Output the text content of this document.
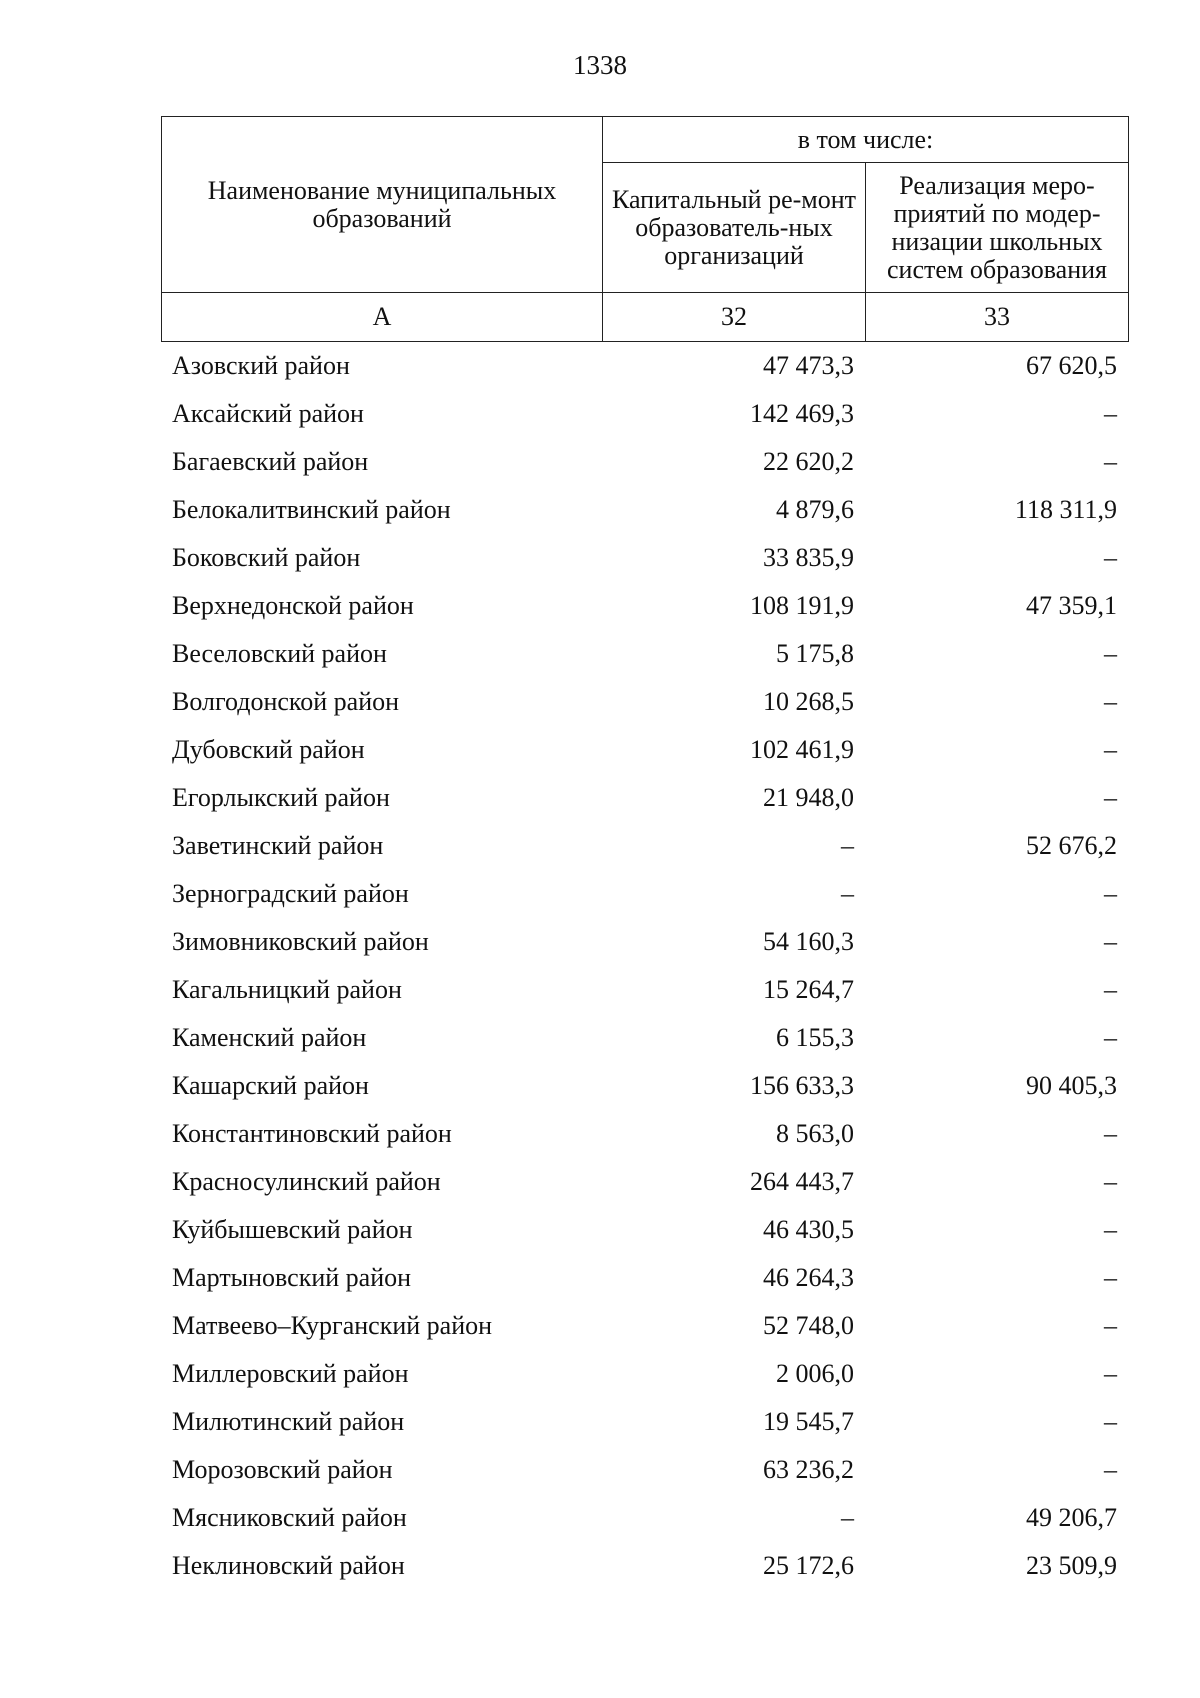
1338
Наименование муниципальных образований
в том числе:
Капитальный ре-монт образователь-ных организаций
Реализация меро-приятий по модер-низации школьных систем образования
А	32	33
Азовский район	47 473,3	67 620,5
Аксайский район	142 469,3	–
Багаевский район	22 620,2	–
Белокалитвинский район	4 879,6	118 311,9
Боковский район	33 835,9	–
Верхнедонской район	108 191,9	47 359,1
Веселовский район	5 175,8	–
Волгодонской район	10 268,5	–
Дубовский район	102 461,9	–
Егорлыкский район	21 948,0	–
Заветинский район	–	52 676,2
Зерноградский район	–	–
Зимовниковский район	54 160,3	–
Кагальницкий район	15 264,7	–
Каменский район	6 155,3	–
Кашарский район	156 633,3	90 405,3
Константиновский район	8 563,0	–
Красносулинский район	264 443,7	–
Куйбышевский район	46 430,5	–
Мартыновский район	46 264,3	–
Матвеево–Курганский район	52 748,0	–
Миллеровский район	2 006,0	–
Милютинский район	19 545,7	–
Морозовский район	63 236,2	–
Мясниковский район	–	49 206,7
Неклиновский район	25 172,6	23 509,9
